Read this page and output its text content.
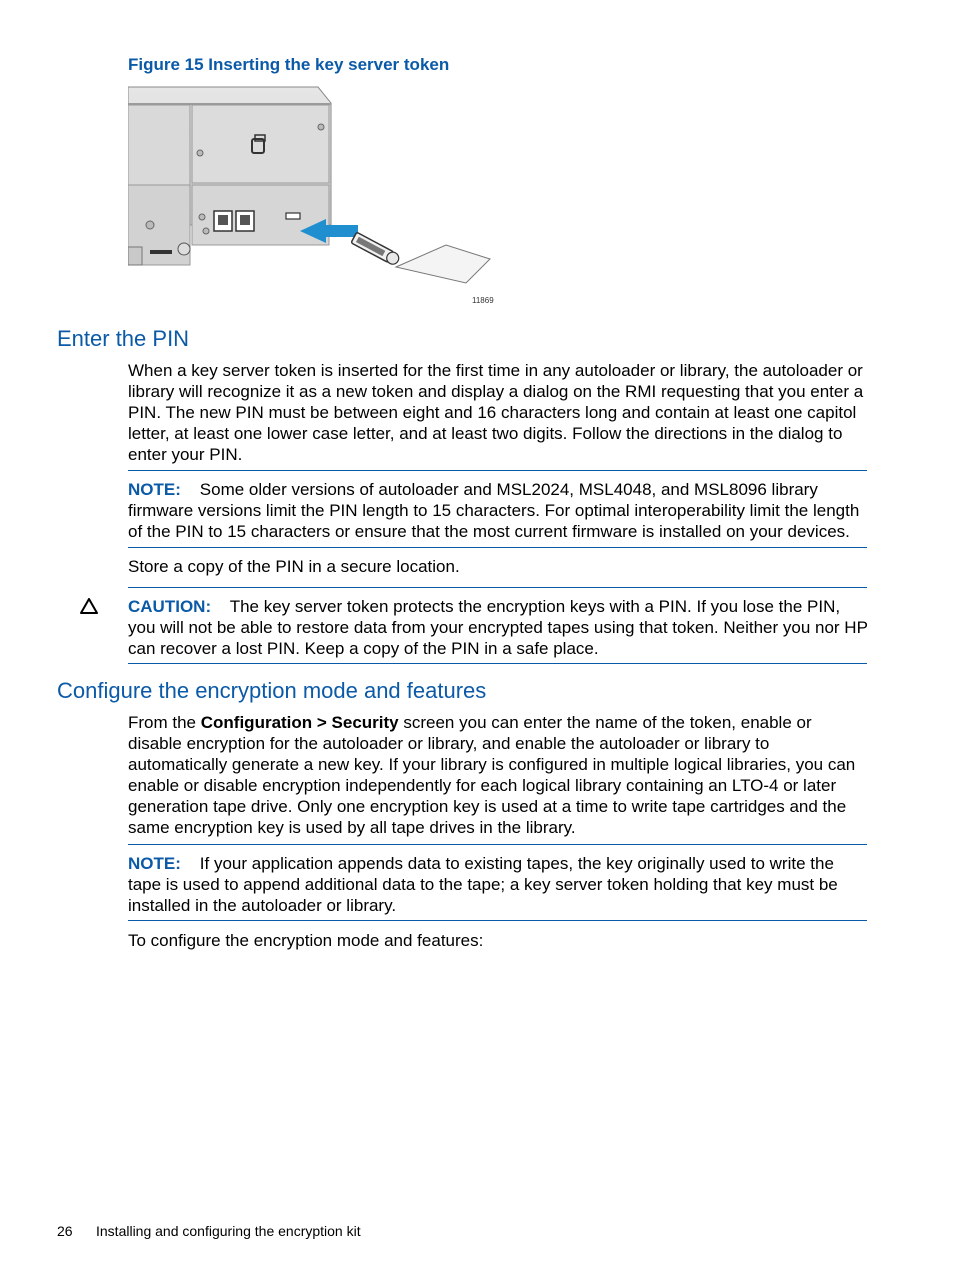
Figure 15 Inserting the key server token
11869
Enter the PIN

When a key server token is inserted for the first time in any autoloader or library, the autoloader or library will recognize it as a new token and display a dialog on the RMI requesting that you enter a PIN. The new PIN must be between eight and 16 characters long and contain at least one capitol letter, at least one lower case letter, and at least two digits. Follow the directions in the dialog to enter your PIN.

NOTE: Some older versions of autoloader and MSL2024, MSL4048, and MSL8096 library firmware versions limit the PIN length to 15 characters. For optimal interoperability limit the length of the PIN to 15 characters or ensure that the most current firmware is installed on your devices.

Store a copy of the PIN in a secure location.

CAUTION: The key server token protects the encryption keys with a PIN. If you lose the PIN, you will not be able to restore data from your encrypted tapes using that token. Neither you nor HP can recover a lost PIN. Keep a copy of the PIN in a safe place.

Configure the encryption mode and features

From the Configuration > Security screen you can enter the name of the token, enable or disable encryption for the autoloader or library, and enable the autoloader or library to automatically generate a new key. If your library is configured in multiple logical libraries, you can enable or disable encryption independently for each logical library containing an LTO-4 or later generation tape drive. Only one encryption key is used at a time to write tape cartridges and the same encryption key is used by all tape drives in the library.

NOTE: If your application appends data to existing tapes, the key originally used to write the tape is used to append additional data to the tape; a key server token holding that key must be installed in the autoloader or library.

To configure the encryption mode and features:

26 Installing and configuring the encryption kit
